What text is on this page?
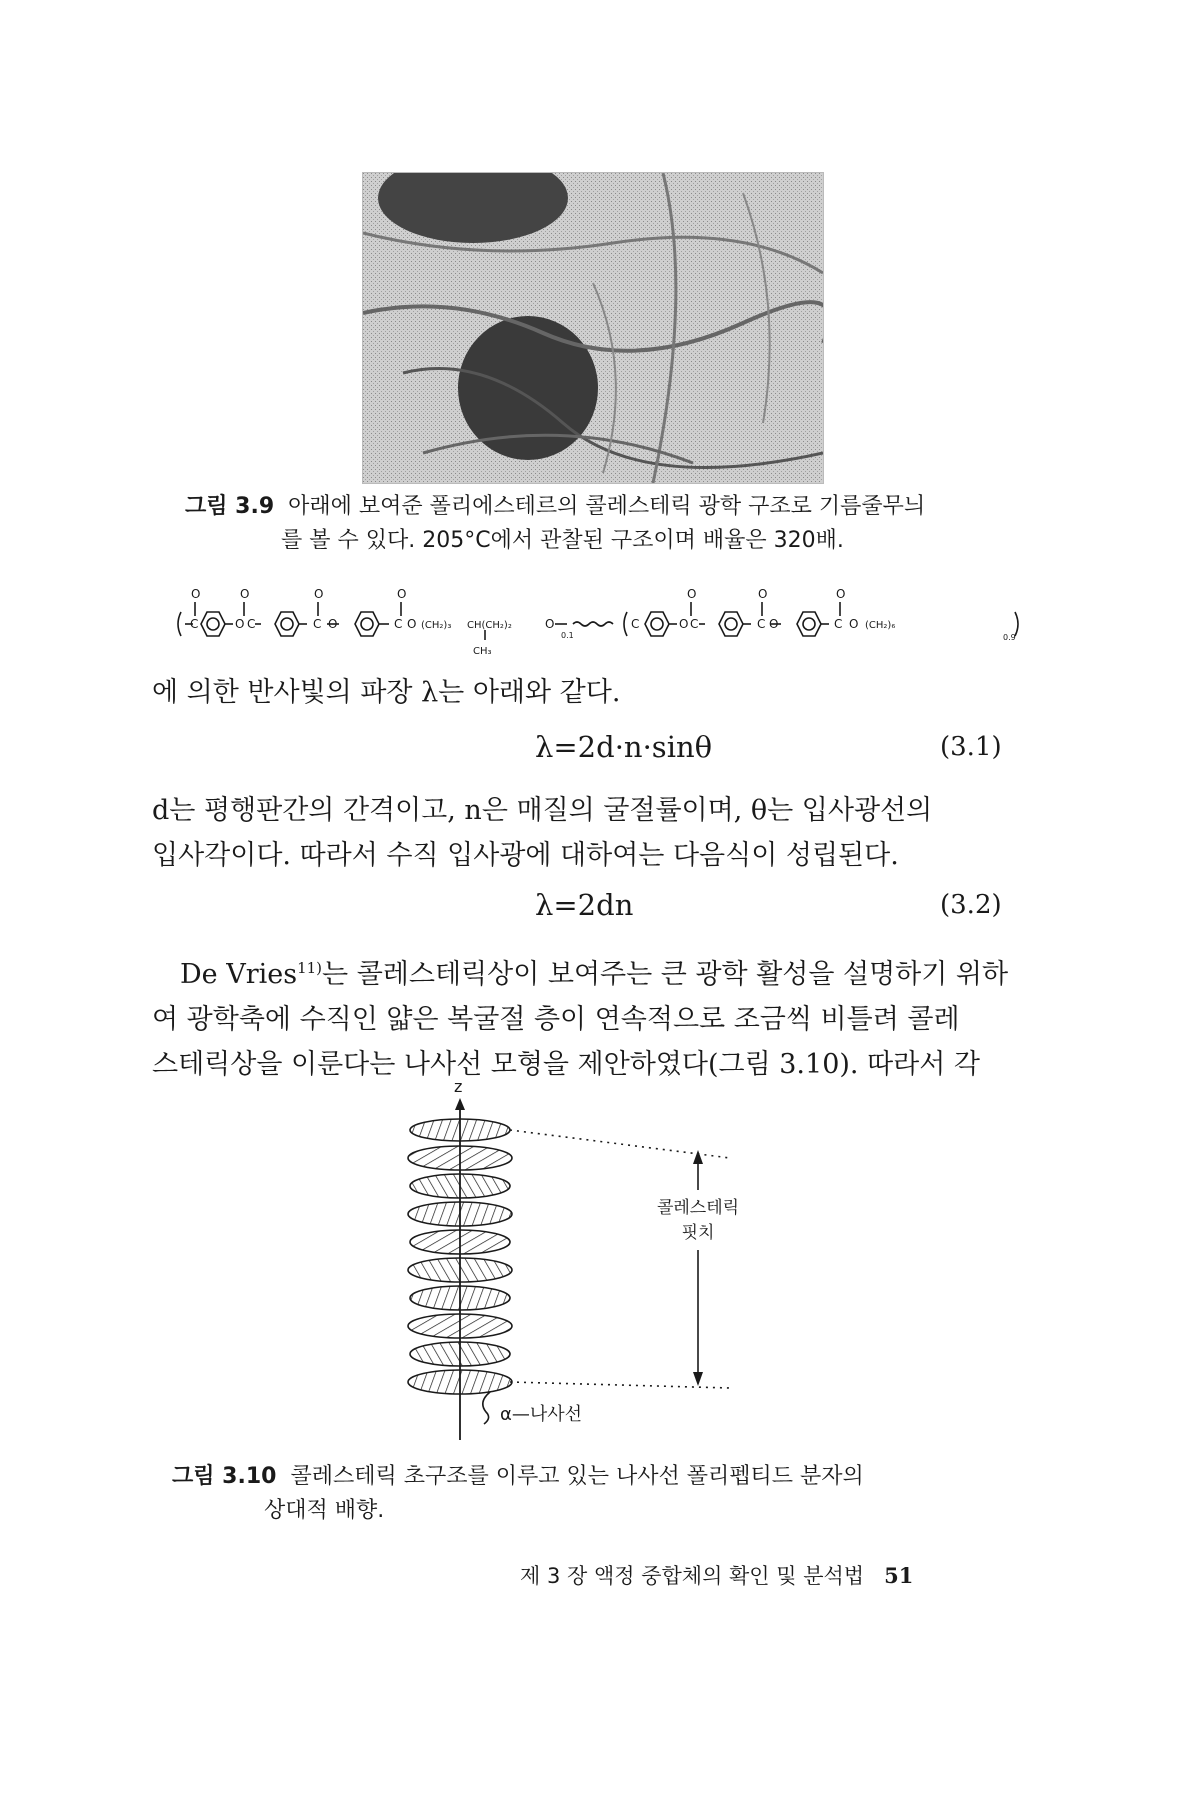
그림 3.9 아래에 보여준 폴리에스테르의 콜레스테릭 광학 구조로 기름줄무늬
를 볼 수 있다. 205°C에서 관찰된 구조이며 배율은 320배.
O
C	O
O
C
O
C O
O
C O (CH₂)₃ CH(CH₂)₂	O
CH₃
0.1
O
C	O C
O
C O
O
C O (CH₂)₆
0.9
에 의한 반사빛의 파장 λ는 아래와 같다.
λ=2d·n·sinθ	(3.1)
d는 평행판간의 간격이고, n은 매질의 굴절률이며, θ는 입사광선의
입사각이다. 따라서 수직 입사광에 대하여는 다음식이 성립된다.
λ=2dn	(3.2)
De Vries$^{11)}$는 콜레스테릭상이 보여주는 큰 광학 활성을 설명하기 위하
여 광학축에 수직인 얇은 복굴절 층이 연속적으로 조금씩 비틀려 콜레
스테릭상을 이룬다는 나사선 모형을 제안하였다(그림 3.10). 따라서 각
z
콜레스테릭
핏치
α—나사선
그림 3.10 콜레스테릭 초구조를 이루고 있는 나사선 폴리펩티드 분자의
상대적 배향.
제 3 장 액정 중합체의 확인 및 분석법 51
